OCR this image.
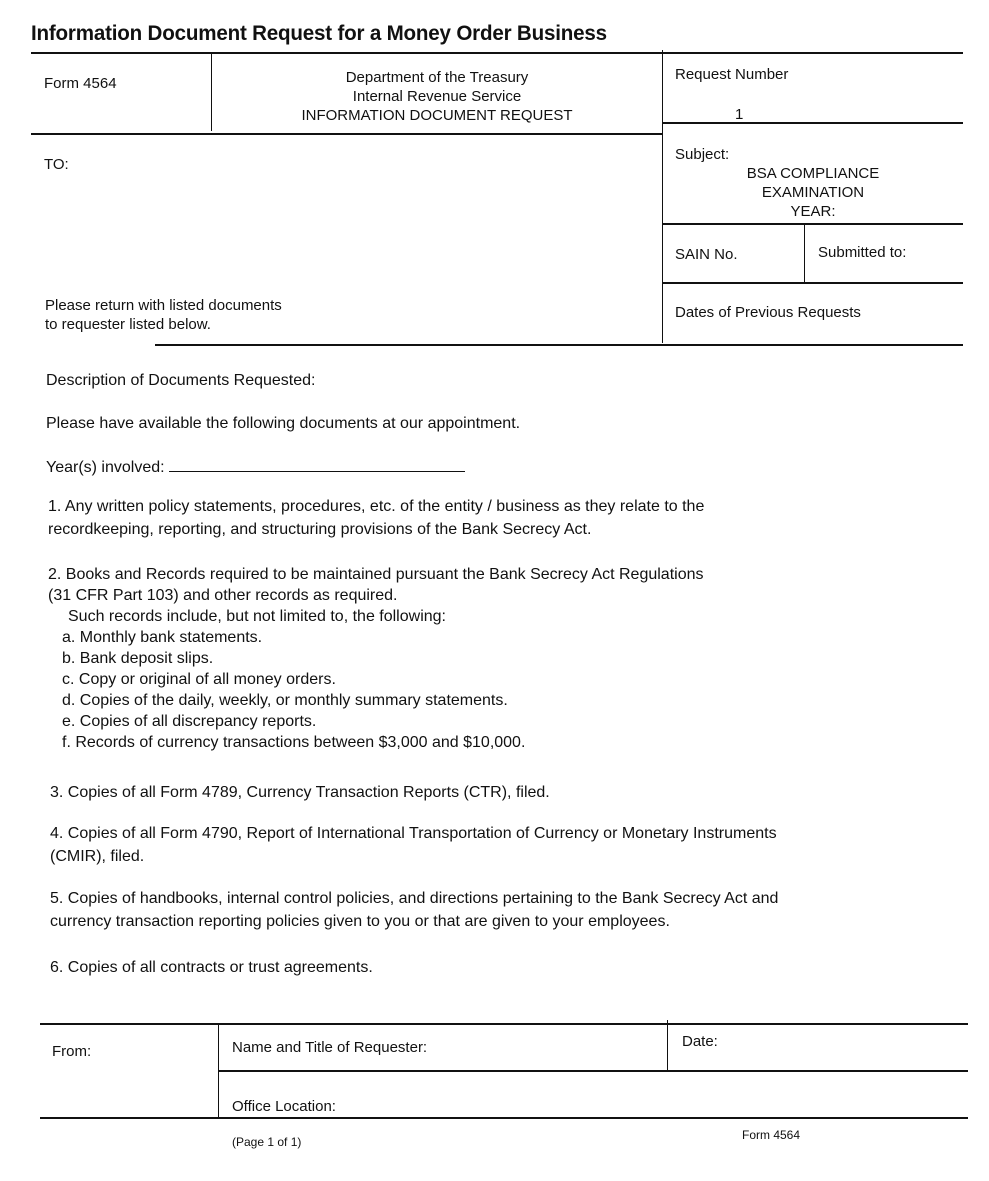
Information Document Request for a Money Order Business
Form 4564	Department of the Treasury
Internal Revenue Service
INFORMATION DOCUMENT REQUEST
Request Number
1
TO:
Please return with listed documents
to requester listed below.
Subject:
BSA COMPLIANCE
EXAMINATION
YEAR:
SAIN No.	Submitted to:
Dates of Previous Requests
Description of Documents Requested:
Please have available the following documents at our appointment.
Year(s) involved:
1. Any written policy statements, procedures, etc. of the entity / business as they relate to the
recordkeeping, reporting, and structuring provisions of the Bank Secrecy Act.
2. Books and Records required to be maintained pursuant the Bank Secrecy Act Regulations
(31 CFR Part 103) and other records as required.
Such records include, but not limited to, the following:
a. Monthly bank statements.
b. Bank deposit slips.
c. Copy or original of all money orders.
d. Copies of the daily, weekly, or monthly summary statements.
e. Copies of all discrepancy reports.
f. Records of currency transactions between $3,000 and $10,000.
3. Copies of all Form 4789, Currency Transaction Reports (CTR), filed.
4. Copies of all Form 4790, Report of International Transportation of Currency or Monetary Instruments
(CMIR), filed.
5. Copies of handbooks, internal control policies, and directions pertaining to the Bank Secrecy Act and
currency transaction reporting policies given to you or that are given to your employees.
6. Copies of all contracts or trust agreements.
From:	Name and Title of Requester:	Date:
Office Location:
(Page 1 of 1)	Form 4564
